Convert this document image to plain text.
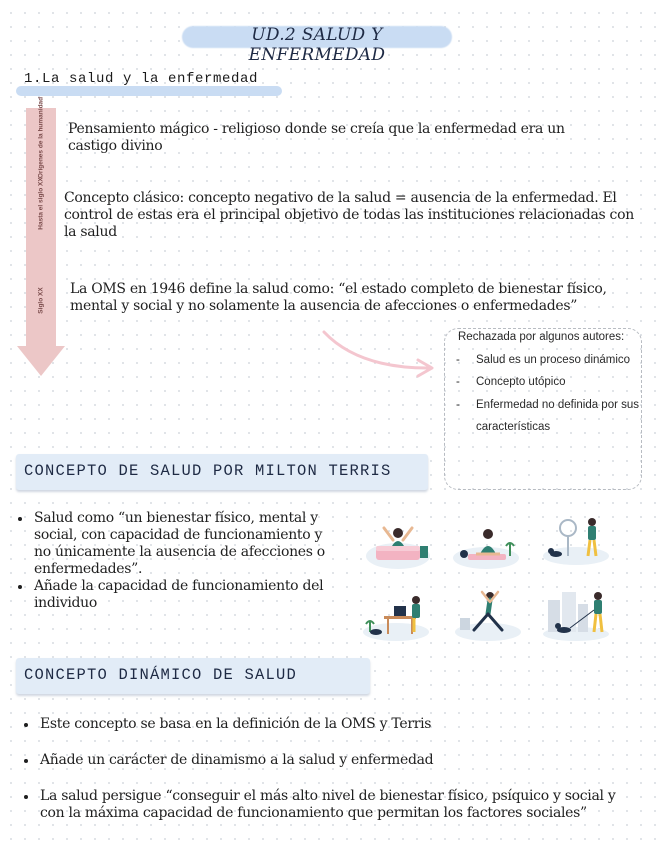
UD.2 SALUD Y ENFERMEDAD
1.La salud y la enfermedad
Orígenes de la humanidad
Hasta el siglo XX
Siglo XX
Pensamiento mágico - religioso donde se creía que la enfermedad era un castigo divino
Concepto clásico: concepto negativo de la salud = ausencia de la enfermedad. El control de estas era el principal objetivo de todas las instituciones relacionadas con la salud
La OMS en 1946 define la salud como: “el estado completo de bienestar físico, mental y social y no solamente la ausencia de afecciones o enfermedades”
Rechazada por algunos autores:
- Salud es un proceso dinámico
- Concepto utópico
- Enfermedad no definida por sus características
CONCEPTO DE SALUD POR MILTON TERRIS
Salud como “un bienestar físico, mental y social, con capacidad de funcionamiento y no únicamente la ausencia de afecciones o enfermedades”.
Añade la capacidad de funcionamiento del individuo
CONCEPTO DINÁMICO DE SALUD
Este concepto se basa en la definición de la OMS y Terris
Añade un carácter de dinamismo a la salud y enfermedad
La salud persigue “conseguir el más alto nivel de bienestar físico, psíquico y social y con la máxima capacidad de funcionamiento que permitan los factores sociales”
